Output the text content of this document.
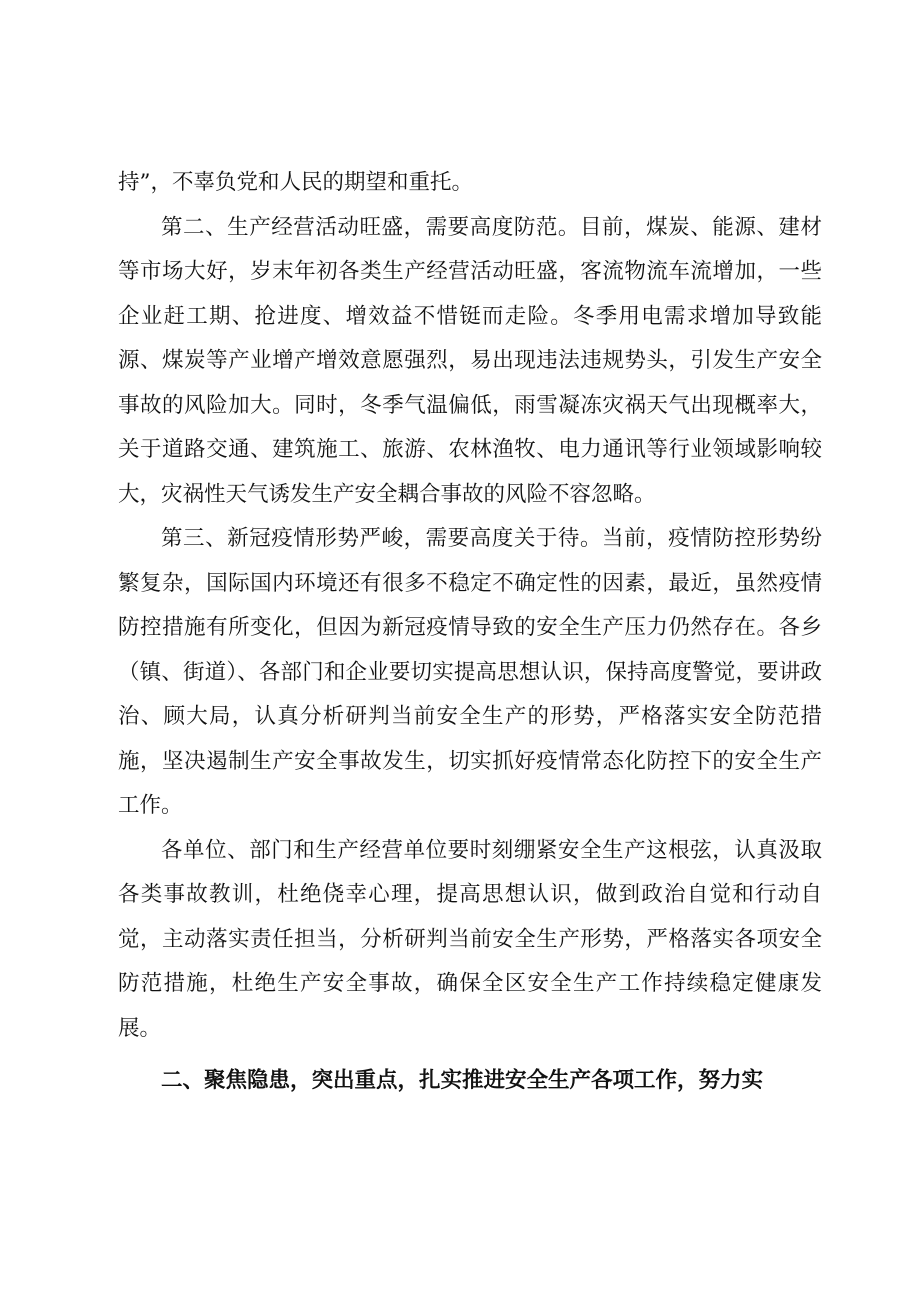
持”，不辜负党和人民的期望和重托。

第二、生产经营活动旺盛，需要高度防范。目前，煤炭、能源、建材等市场大好，岁末年初各类生产经营活动旺盛，客流物流车流增加，一些企业赶工期、抢进度、增效益不惜铤而走险。冬季用电需求增加导致能源、煤炭等产业增产增效意愿强烈，易出现违法违规势头，引发生产安全事故的风险加大。同时，冬季气温偏低，雨雪凝冻灾祸天气出现概率大，关于道路交通、建筑施工、旅游、农林渔牧、电力通讯等行业领域影响较大，灾祸性天气诱发生产安全耦合事故的风险不容忽略。

第三、新冠疫情形势严峻，需要高度关于待。当前，疫情防控形势纷繁复杂，国际国内环境还有很多不稳定不确定性的因素，最近，虽然疫情防控措施有所变化，但因为新冠疫情导致的安全生产压力仍然存在。各乡（镇、街道）、各部门和企业要切实提高思想认识，保持高度警觉，要讲政治、顾大局，认真分析研判当前安全生产的形势，严格落实安全防范措施，坚决遏制生产安全事故发生，切实抓好疫情常态化防控下的安全生产工作。

各单位、部门和生产经营单位要时刻绷紧安全生产这根弦，认真汲取各类事故教训，杜绝侥幸心理，提高思想认识，做到政治自觉和行动自觉，主动落实责任担当，分析研判当前安全生产形势，严格落实各项安全防范措施，杜绝生产安全事故，确保全区安全生产工作持续稳定健康发展。

二、聚焦隐患，突出重点，扎实推进安全生产各项工作，努力实
